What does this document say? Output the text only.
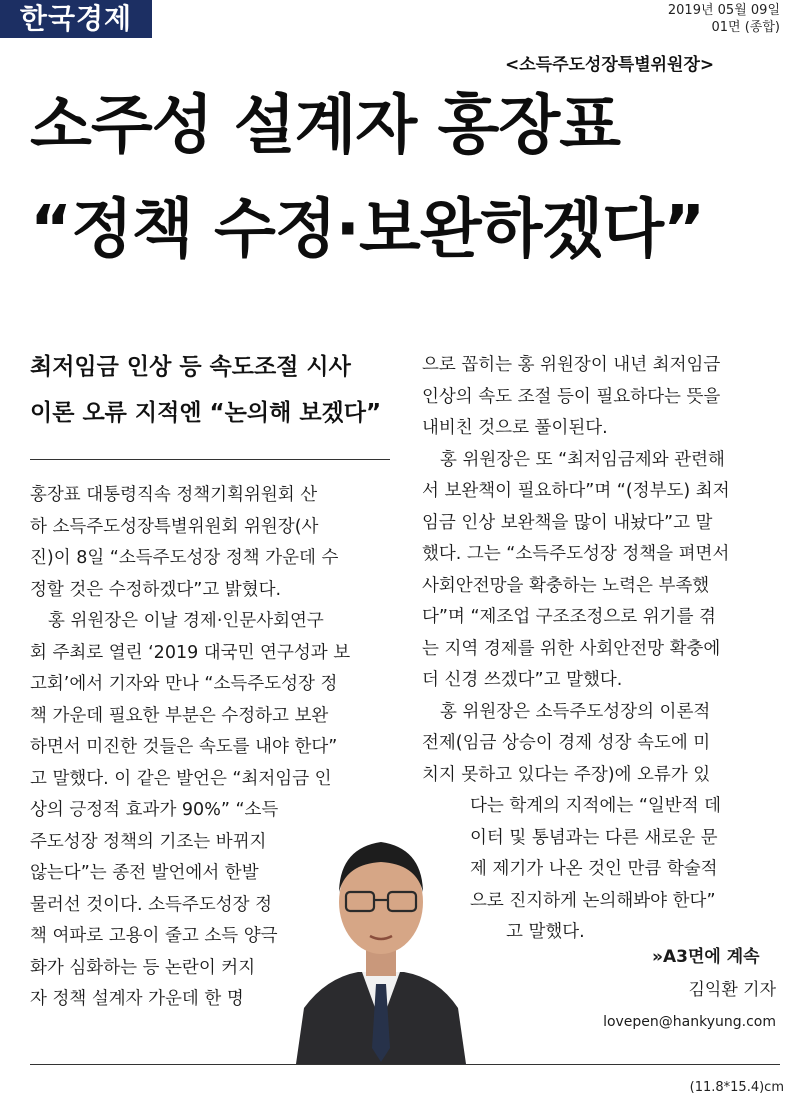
한국경제	2019년 05월 09일
01면 (종합)
<소득주도성장특별위원장>
소주성 설계자 홍장표
“정책 수정·보완하겠다”
최저임금 인상 등 속도조절 시사
이론 오류 지적엔 “논의해 보겠다”
홍장표 대통령직속 정책기획위원회 산
하 소득주도성장특별위원회 위원장(사
진)이 8일 “소득주도성장 정책 가운데 수
정할 것은 수정하겠다”고 밝혔다.
홍 위원장은 이날 경제·인문사회연구
회 주최로 열린 ‘2019 대국민 연구성과 보
고회’에서 기자와 만나 “소득주도성장 정
책 가운데 필요한 부분은 수정하고 보완
하면서 미진한 것들은 속도를 내야 한다”
고 말했다. 이 같은 발언은 “최저임금 인
상의 긍정적 효과가 90%” “소득
주도성장 정책의 기조는 바뀌지
않는다”는 종전 발언에서 한발
물러선 것이다. 소득주도성장 정
책 여파로 고용이 줄고 소득 양극
화가 심화하는 등 논란이 커지
자 정책 설계자 가운데 한 명
으로 꼽히는 홍 위원장이 내년 최저임금
인상의 속도 조절 등이 필요하다는 뜻을
내비친 것으로 풀이된다.
홍 위원장은 또 “최저임금제와 관련해
서 보완책이 필요하다”며 “(정부도) 최저
임금 인상 보완책을 많이 내놨다”고 말
했다. 그는 “소득주도성장 정책을 펴면서
사회안전망을 확충하는 노력은 부족했
다”며 “제조업 구조조정으로 위기를 겪
는 지역 경제를 위한 사회안전망 확충에
더 신경 쓰겠다”고 말했다.
홍 위원장은 소득주도성장의 이론적
전제(임금 상승이 경제 성장 속도에 미
치지 못하고 있다는 주장)에 오류가 있
다는 학계의 지적에는 “일반적 데
이터 및 통념과는 다른 새로운 문
제 제기가 나온 것인 만큼 학술적
으로 진지하게 논의해봐야 한다”
고 말했다.
»A3면에 계속
김익환 기자
lovepen@hankyung.com
(11.8*15.4)cm
